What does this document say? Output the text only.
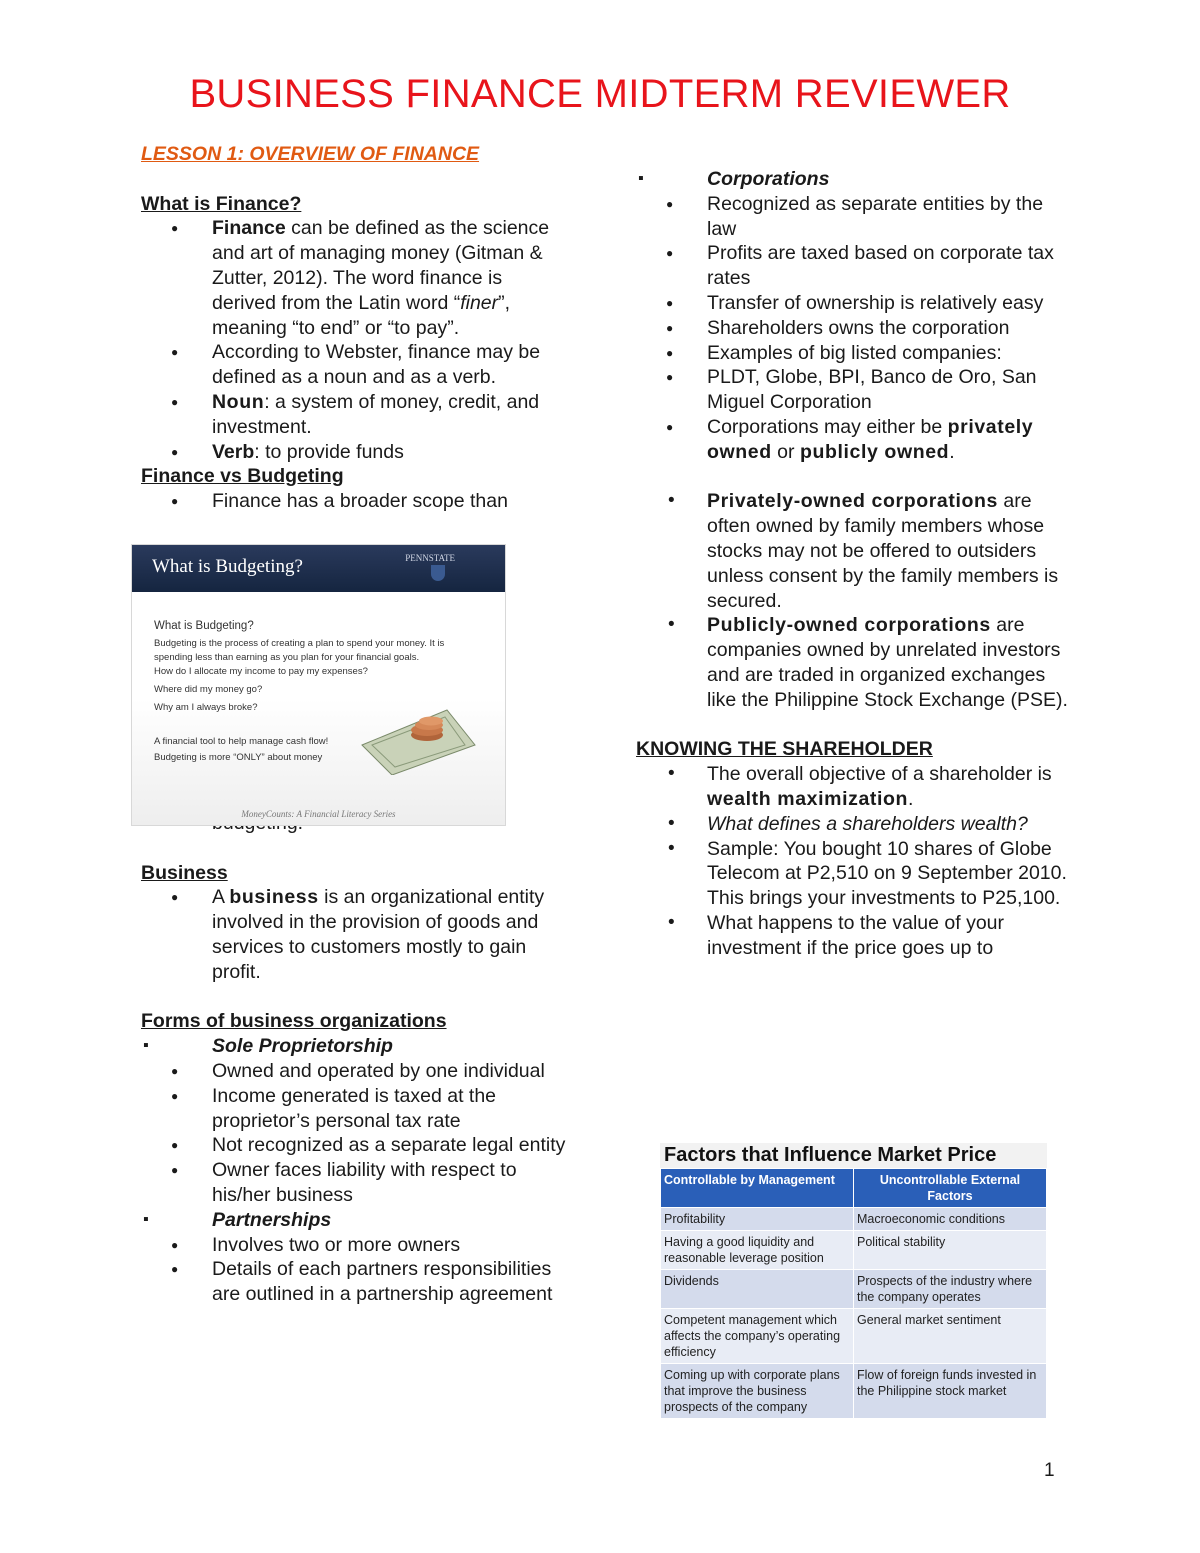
BUSINESS FINANCE MIDTERM REVIEWER
LESSON 1: OVERVIEW OF FINANCE
What is Finance?
● Finance can be defined as the science and art of managing money (Gitman & Zutter, 2012). The word finance is derived from the Latin word “finer”, meaning “to end” or “to pay”.
● According to Webster, finance may be defined as a noun and as a verb.
● Noun: a system of money, credit, and investment.
● Verb: to provide funds
Finance vs Budgeting
● Finance has a broader scope than
Business
● A business is an organizational entity involved in the provision of goods and services to customers mostly to gain profit.
Forms of business organizations
▪ Sole Proprietorship
● Owned and operated by one individual
● Income generated is taxed at the proprietor’s personal tax rate
● Not recognized as a separate legal entity
● Owner faces liability with respect to his/her business
▪ Partnerships
● Involves two or more owners
● Details of each partners responsibilities are outlined in a partnership agreement
What is Budgeting?	PENNSTATE
What is Budgeting?
Budgeting is the process of creating a plan to spend your money. It is spending less than earning as you plan for your financial goals.
How do I allocate my income to pay my expenses?
Where did my money go?
Why am I always broke?
A financial tool to help manage cash flow!
Budgeting is more “ONLY” about money
MoneyCounts: A Financial Literacy Series
▪ Corporations
● Recognized as separate entities by the law
● Profits are taxed based on corporate tax rates
● Transfer of ownership is relatively easy
● Shareholders owns the corporation
● Examples of big listed companies:
● PLDT, Globe, BPI, Banco de Oro, San Miguel Corporation
● Corporations may either be privately owned or publicly owned.
• Privately-owned corporations are often owned by family members whose stocks may not be offered to outsiders unless consent by the family members is secured.
• Publicly-owned corporations are companies owned by unrelated investors and are traded in organized exchanges like the Philippine Stock Exchange (PSE).
KNOWING THE SHAREHOLDER
• The overall objective of a shareholder is wealth maximization.
• What defines a shareholders wealth?
• Sample: You bought 10 shares of Globe Telecom at P2,510 on 9 September 2010. This brings your investments to P25,100.
• What happens to the value of your investment if the price goes up to
Factors that Influence Market Price
Controllable by Management	Uncontrollable External Factors
Profitability	Macroeconomic conditions
Having a good liquidity and reasonable leverage position	Political stability
Dividends	Prospects of the industry where the company operates
Competent management which affects the company’s operating efficiency	General market sentiment
Coming up with corporate plans that improve the business prospects of the company	Flow of foreign funds invested in the Philippine stock market
1
